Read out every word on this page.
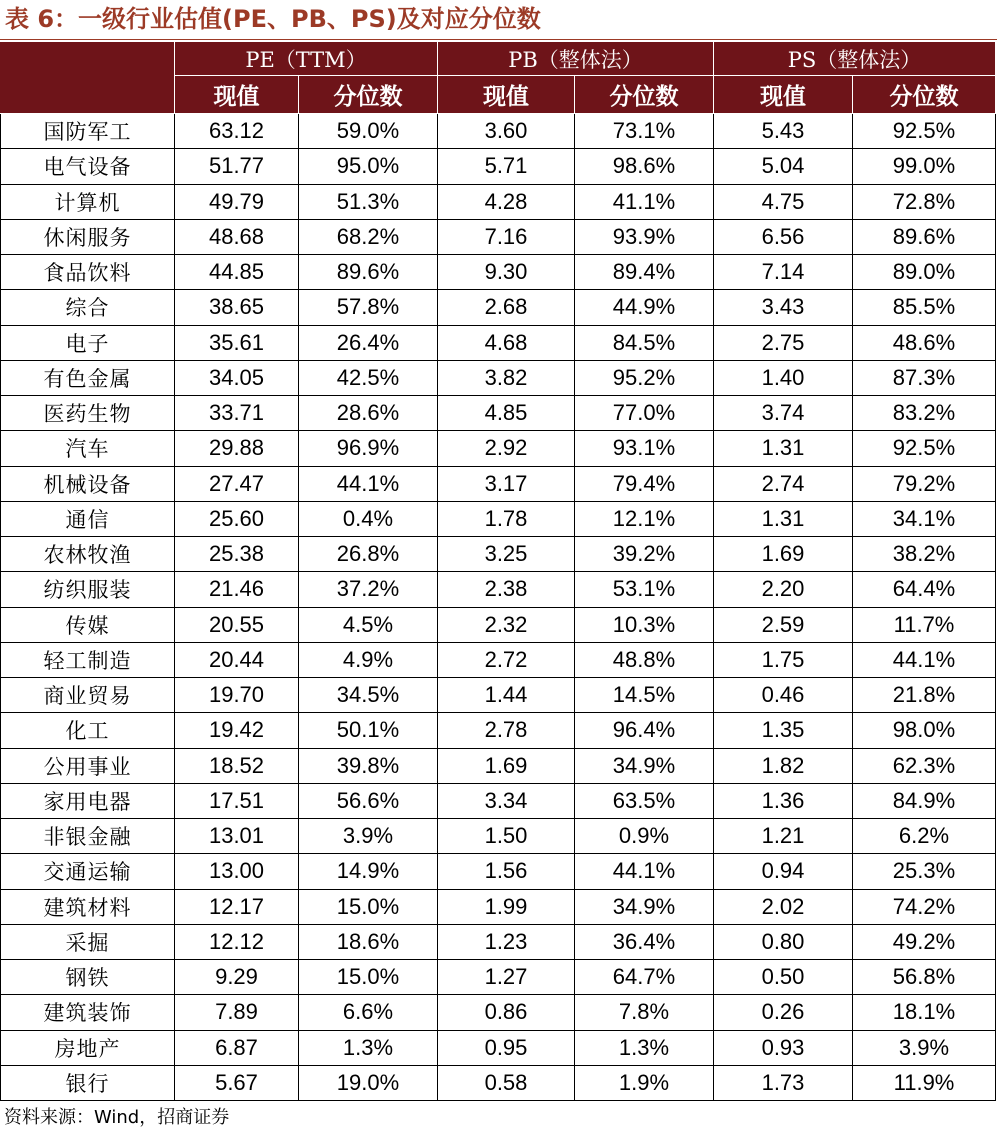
表 6：一级行业估值(PE、PB、PS)及对应分位数
	PE（TTM）		PB（整体法）		PS（整体法）	
	现值	分位数	现值	分位数	现值	分位数
国防军工	63.12	59.0%	3.60	73.1%	5.43	92.5%
电气设备	51.77	95.0%	5.71	98.6%	5.04	99.0%
计算机	49.79	51.3%	4.28	41.1%	4.75	72.8%
休闲服务	48.68	68.2%	7.16	93.9%	6.56	89.6%
食品饮料	44.85	89.6%	9.30	89.4%	7.14	89.0%
综合	38.65	57.8%	2.68	44.9%	3.43	85.5%
电子	35.61	26.4%	4.68	84.5%	2.75	48.6%
有色金属	34.05	42.5%	3.82	95.2%	1.40	87.3%
医药生物	33.71	28.6%	4.85	77.0%	3.74	83.2%
汽车	29.88	96.9%	2.92	93.1%	1.31	92.5%
机械设备	27.47	44.1%	3.17	79.4%	2.74	79.2%
通信	25.60	0.4%	1.78	12.1%	1.31	34.1%
农林牧渔	25.38	26.8%	3.25	39.2%	1.69	38.2%
纺织服装	21.46	37.2%	2.38	53.1%	2.20	64.4%
传媒	20.55	4.5%	2.32	10.3%	2.59	11.7%
轻工制造	20.44	4.9%	2.72	48.8%	1.75	44.1%
商业贸易	19.70	34.5%	1.44	14.5%	0.46	21.8%
化工	19.42	50.1%	2.78	96.4%	1.35	98.0%
公用事业	18.52	39.8%	1.69	34.9%	1.82	62.3%
家用电器	17.51	56.6%	3.34	63.5%	1.36	84.9%
非银金融	13.01	3.9%	1.50	0.9%	1.21	6.2%
交通运输	13.00	14.9%	1.56	44.1%	0.94	25.3%
建筑材料	12.17	15.0%	1.99	34.9%	2.02	74.2%
采掘	12.12	18.6%	1.23	36.4%	0.80	49.2%
钢铁	9.29	15.0%	1.27	64.7%	0.50	56.8%
建筑装饰	7.89	6.6%	0.86	7.8%	0.26	18.1%
房地产	6.87	1.3%	0.95	1.3%	0.93	3.9%
银行	5.67	19.0%	0.58	1.9%	1.73	11.9%
资料来源：Wind，招商证券
